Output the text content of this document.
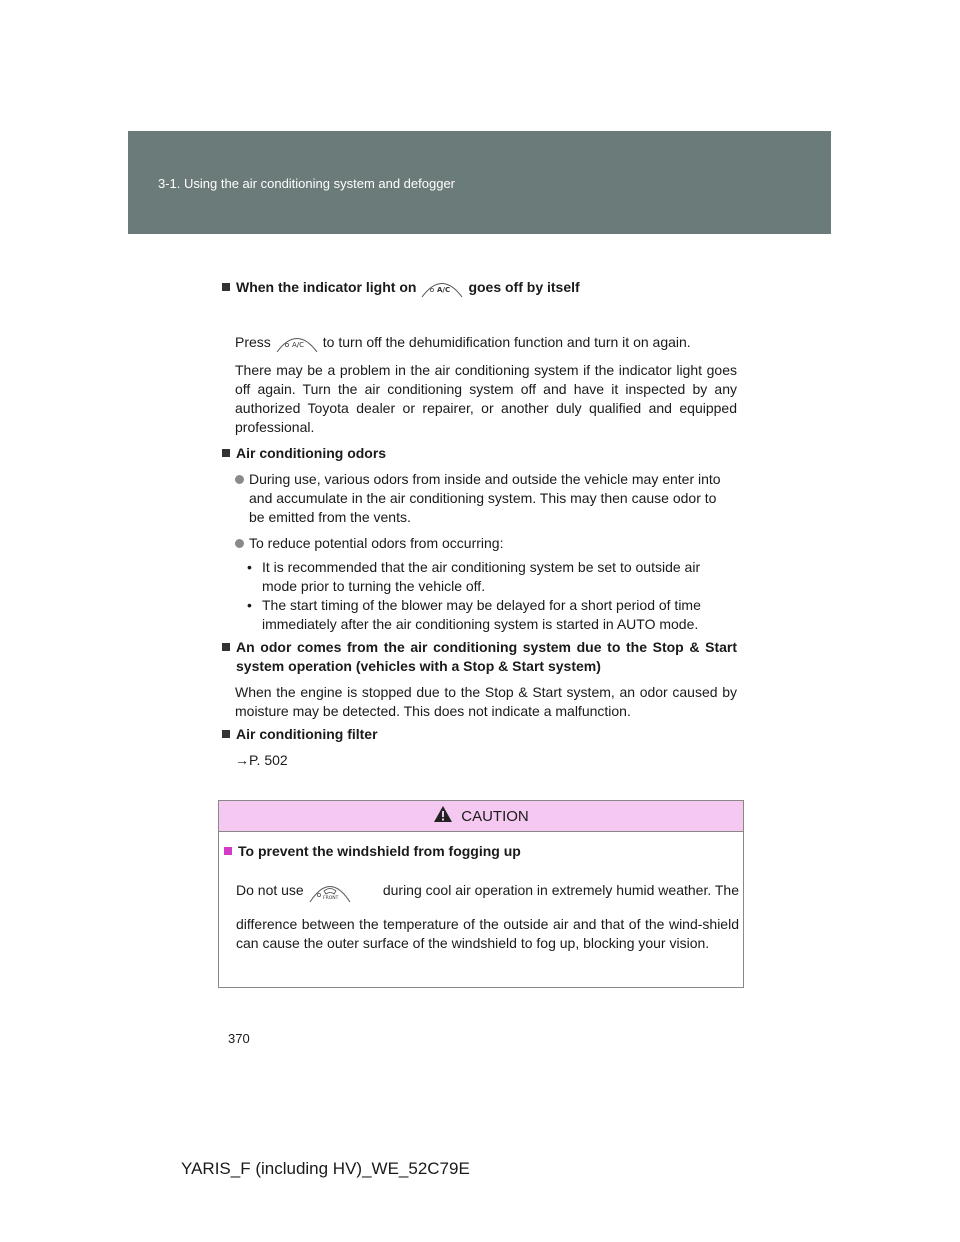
3-1. Using the air conditioning system and defogger
When the indicator light on	A/C goes off by itself
Press	A/C to turn off the dehumidification function and turn it on again.
There may be a problem in the air conditioning system if the indicator light goes off again. Turn the air conditioning system off and have it inspected by any authorized Toyota dealer or repairer, or another duly qualified and equipped professional.
Air conditioning odors
During use, various odors from inside and outside the vehicle may enter into and accumulate in the air conditioning system. This may then cause odor to be emitted from the vents.
To reduce potential odors from occurring:
• It is recommended that the air conditioning system be set to outside air mode prior to turning the vehicle off.
• The start timing of the blower may be delayed for a short period of time immediately after the air conditioning system is started in AUTO mode.
An odor comes from the air conditioning system due to the Stop & Start system operation (vehicles with a Stop & Start system)
When the engine is stopped due to the Stop & Start system, an odor caused by moisture may be detected. This does not indicate a malfunction.
Air conditioning filter
→P. 502
CAUTION
To prevent the windshield from fogging up
Do not use
FRONT
during cool air operation in extremely humid weather. The
difference between the temperature of the outside air and that of the wind-shield can cause the outer surface of the windshield to fog up, blocking your vision.
370
YARIS_F (including HV)_WE_52C79E
